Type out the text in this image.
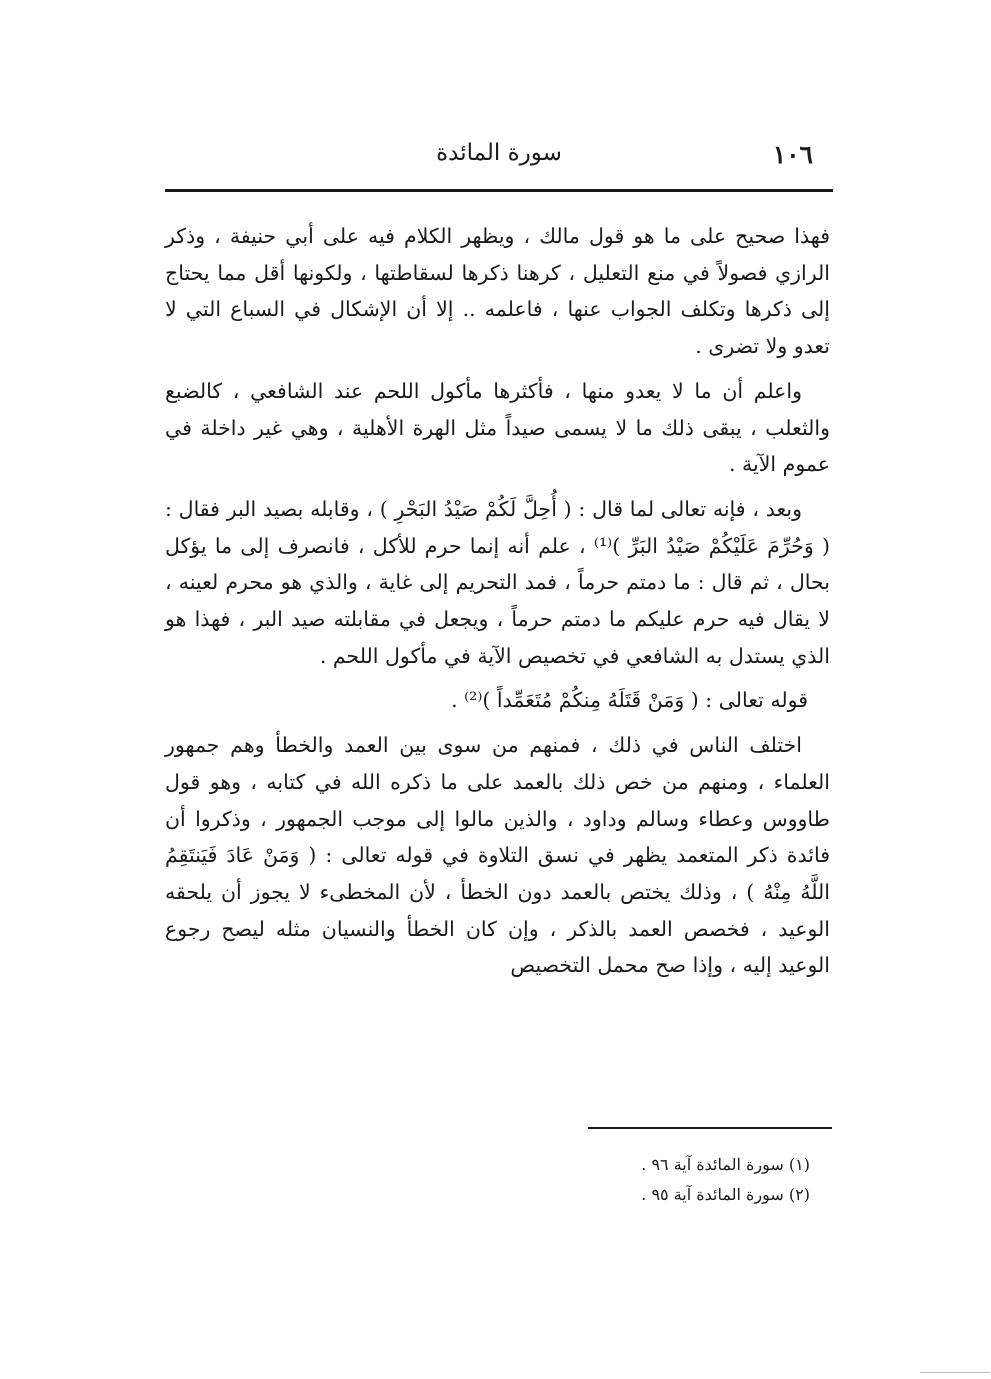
١٠٦
سورة المائدة

فهذا صحيح على ما هو قول مالك ، ويظهر الكلام فيه على أبي حنيفة ، وذكر الرازي فصولاً في منع التعليل ، كرهنا ذكرها لسقاطتها ، ولكونها أقل مما يحتاج إلى ذكرها وتكلف الجواب عنها ، فاعلمه .. إلا أن الإشكال في السباع التي لا تعدو ولا تضرى .

واعلم أن ما لا يعدو منها ، فأكثرها مأكول اللحم عند الشافعي ، كالضبع والثعلب ، يبقى ذلك ما لا يسمى صيداً مثل الهرة الأهلية ، وهي غير داخلة في عموم الآية .

وبعد ، فإنه تعالى لما قال : ( أُحِلَّ لَكُمْ صَيْدُ البَحْرِ ) ، وقابله بصيد البر فقال : ( وَحُرِّمَ عَلَيْكُمْ صَيْدُ البَرِّ )⁽¹⁾ ، علم أنه إنما حرم للأكل ، فانصرف إلى ما يؤكل بحال ، ثم قال : ما دمتم حرماً ، فمد التحريم إلى غاية ، والذي هو محرم لعينه ، لا يقال فيه حرم عليكم ما دمتم حرماً ، ويجعل في مقابلته صيد البر ، فهذا هو الذي يستدل به الشافعي في تخصيص الآية في مأكول اللحم .

قوله تعالى : ( وَمَنْ قَتَلَهُ مِنكُمْ مُتَعَمِّداً )⁽²⁾ .

اختلف الناس في ذلك ، فمنهم من سوى بين العمد والخطأ وهم جمهور العلماء ، ومنهم من خص ذلك بالعمد على ما ذكره الله في كتابه ، وهو قول طاووس وعطاء وسالم وداود ، والذين مالوا إلى موجب الجمهور ، وذكروا أن فائدة ذكر المتعمد يظهر في نسق التلاوة في قوله تعالى : ( وَمَنْ عَادَ فَيَنتَقِمُ اللَّهُ مِنْهُ ) ، وذلك يختص بالعمد دون الخطأ ، لأن المخطىء لا يجوز أن يلحقه الوعيد ، فخصص العمد بالذكر ، وإن كان الخطأ والنسيان مثله ليصح رجوع الوعيد إليه ، وإذا صح محمل التخصيص

(١) سورة المائدة آية ٩٦ .

(٢) سورة المائدة آية ٩٥ .
